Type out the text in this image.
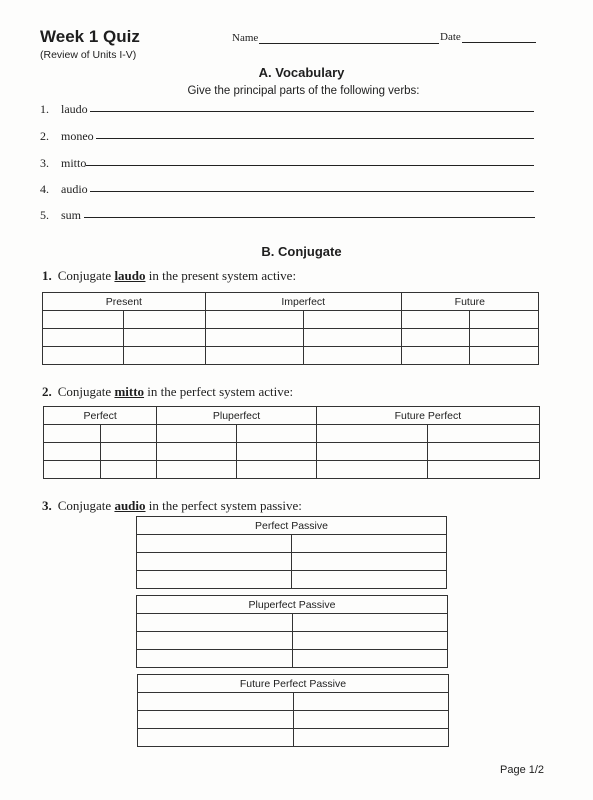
Week 1 Quiz
(Review of Units I-V)
Name	Date
A. Vocabulary
Give the principal parts of the following verbs:
1. laudo
2. moneo
3. mitto
4. audio
5. sum
B. Conjugate
1. Conjugate laudo in the present system active:
Present		Imperfect		Future	

2. Conjugate mitto in the perfect system active:
Perfect		Pluperfect		Future Perfect	

3. Conjugate audio in the perfect system passive:
Perfect Passive	

Pluperfect Passive	

Future Perfect Passive	

Page 1/2
